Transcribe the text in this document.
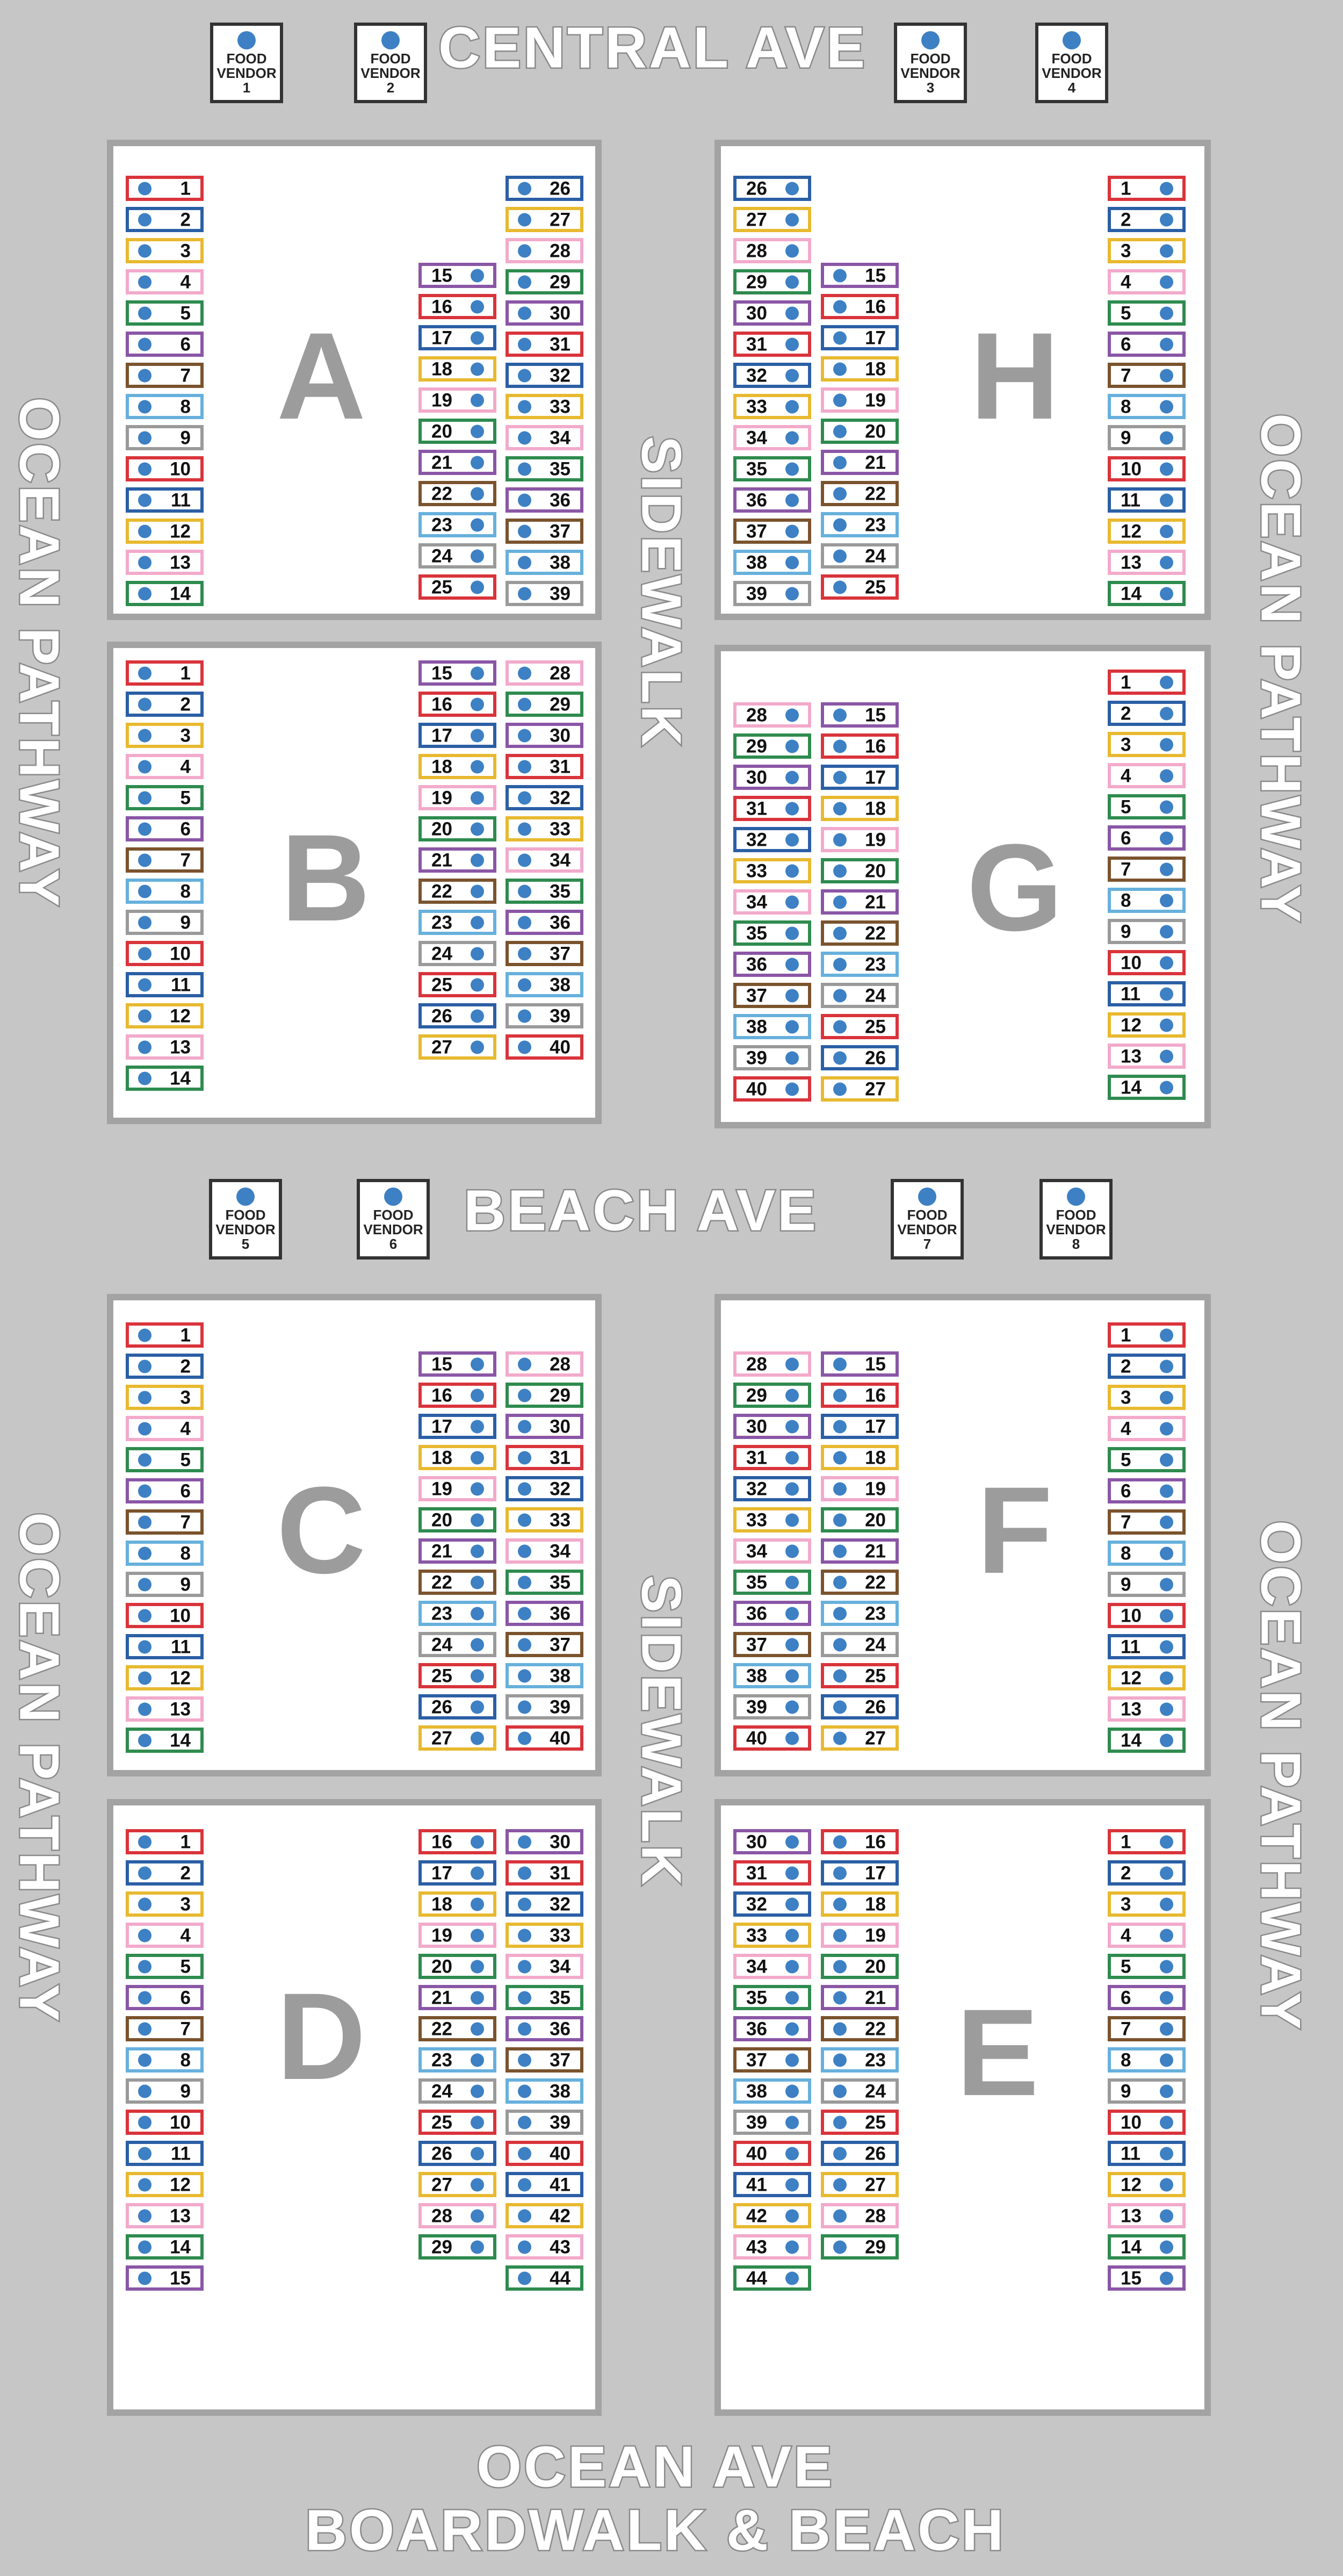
CENTRAL AVE
BEACH AVE
OCEAN AVE
BOARDWALK & BEACH
SIDEWALK
SIDEWALK
OCEAN PATHWAY
OCEAN PATHWAY
OCEAN PATHWAY
OCEAN PATHWAY
FOOD VENDOR
1
FOOD VENDOR
2
FOOD VENDOR
3
FOOD VENDOR
4
FOOD VENDOR
5
FOOD VENDOR
6
FOOD VENDOR
7
FOOD VENDOR
8

A
B
C
D
H
G
F
E
1
2
3
4
5
6
7
8
9
10
11
12
13
14
15
16
17
18
19
20
21
22
23
24
25
26
27
28
29
30
31
32
33
34
35
36
37
38
39
1
2
3
4
5
6
7
8
9
10
11
12
13
14
15
16
17
18
19
20
21
22
23
24
25
26
27
28
29
30
31
32
33
34
35
36
37
38
39
40
1
2
3
4
5
6
7
8
9
10
11
12
13
14
15
16
17
18
19
20
21
22
23
24
25
26
27
28
29
30
31
32
33
34
35
36
37
38
39
40
1
2
3
4
5
6
7
8
9
10
11
12
13
14
15
16
17
18
19
20
21
22
23
24
25
26
27
28
29
30
31
32
33
34
35
36
37
38
39
40
41
42
43
44
26
27
28
29
30
31
32
33
34
35
36
37
38
39
15
16
17
18
19
20
21
22
23
24
25
1
2
3
4
5
6
7
8
9
10
11
12
13
14
28
29
30
31
32
33
34
35
36
37
38
39
40
15
16
17
18
19
20
21
22
23
24
25
26
27
1
2
3
4
5
6
7
8
9
10
11
12
13
14
28
29
30
31
32
33
34
35
36
37
38
39
40
15
16
17
18
19
20
21
22
23
24
25
26
27
1
2
3
4
5
6
7
8
9
10
11
12
13
14
30
31
32
33
34
35
36
37
38
39
40
41
42
43
44
16
17
18
19
20
21
22
23
24
25
26
27
28
29
1
2
3
4
5
6
7
8
9
10
11
12
13
14
15
